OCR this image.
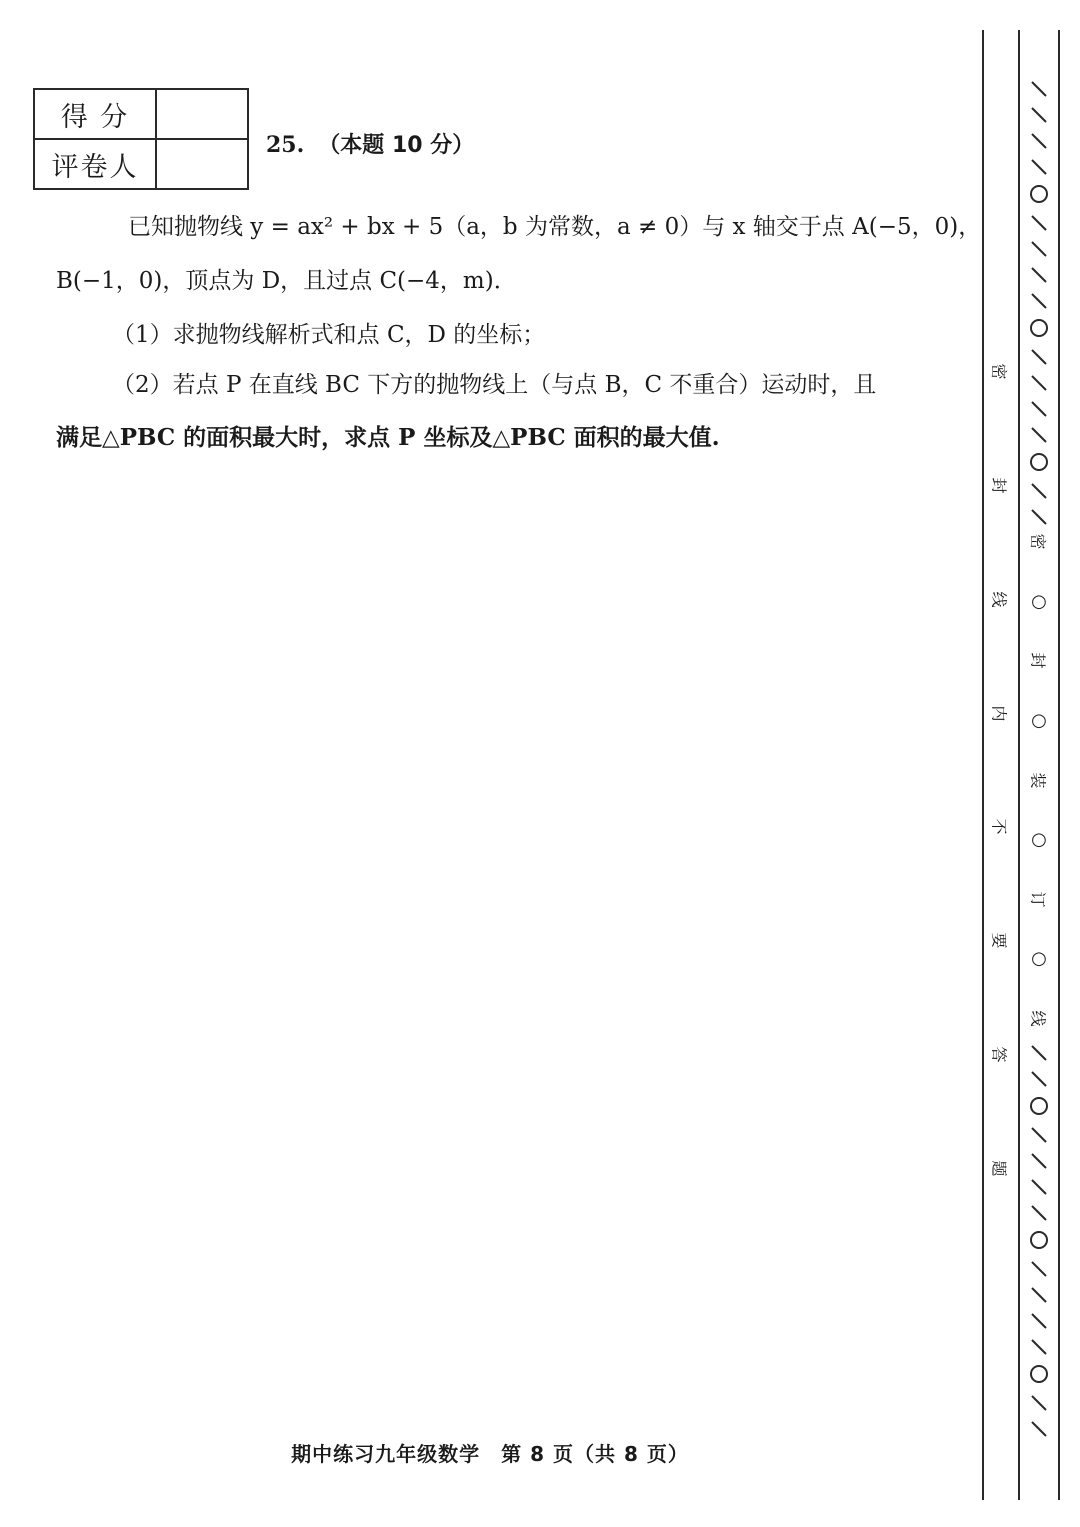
得 分	
评卷人	
25. （本题 10 分）
已知抛物线 y = ax² + bx + 5（a，b 为常数，a ≠ 0）与 x 轴交于点 A(−5，0)，
B(−1，0)，顶点为 D，且过点 C(−4，m)．
（1）求抛物线解析式和点 C，D 的坐标；
（2）若点 P 在直线 BC 下方的抛物线上（与点 B，C 不重合）运动时，且
满足△PBC 的面积最大时，求点 P 坐标及△PBC 面积的最大值.
期中练习九年级数学　第 8 页（共 8 页）
密
封
线
内
不
要
答
题
密
○
封
○
装
○
订
○
线
